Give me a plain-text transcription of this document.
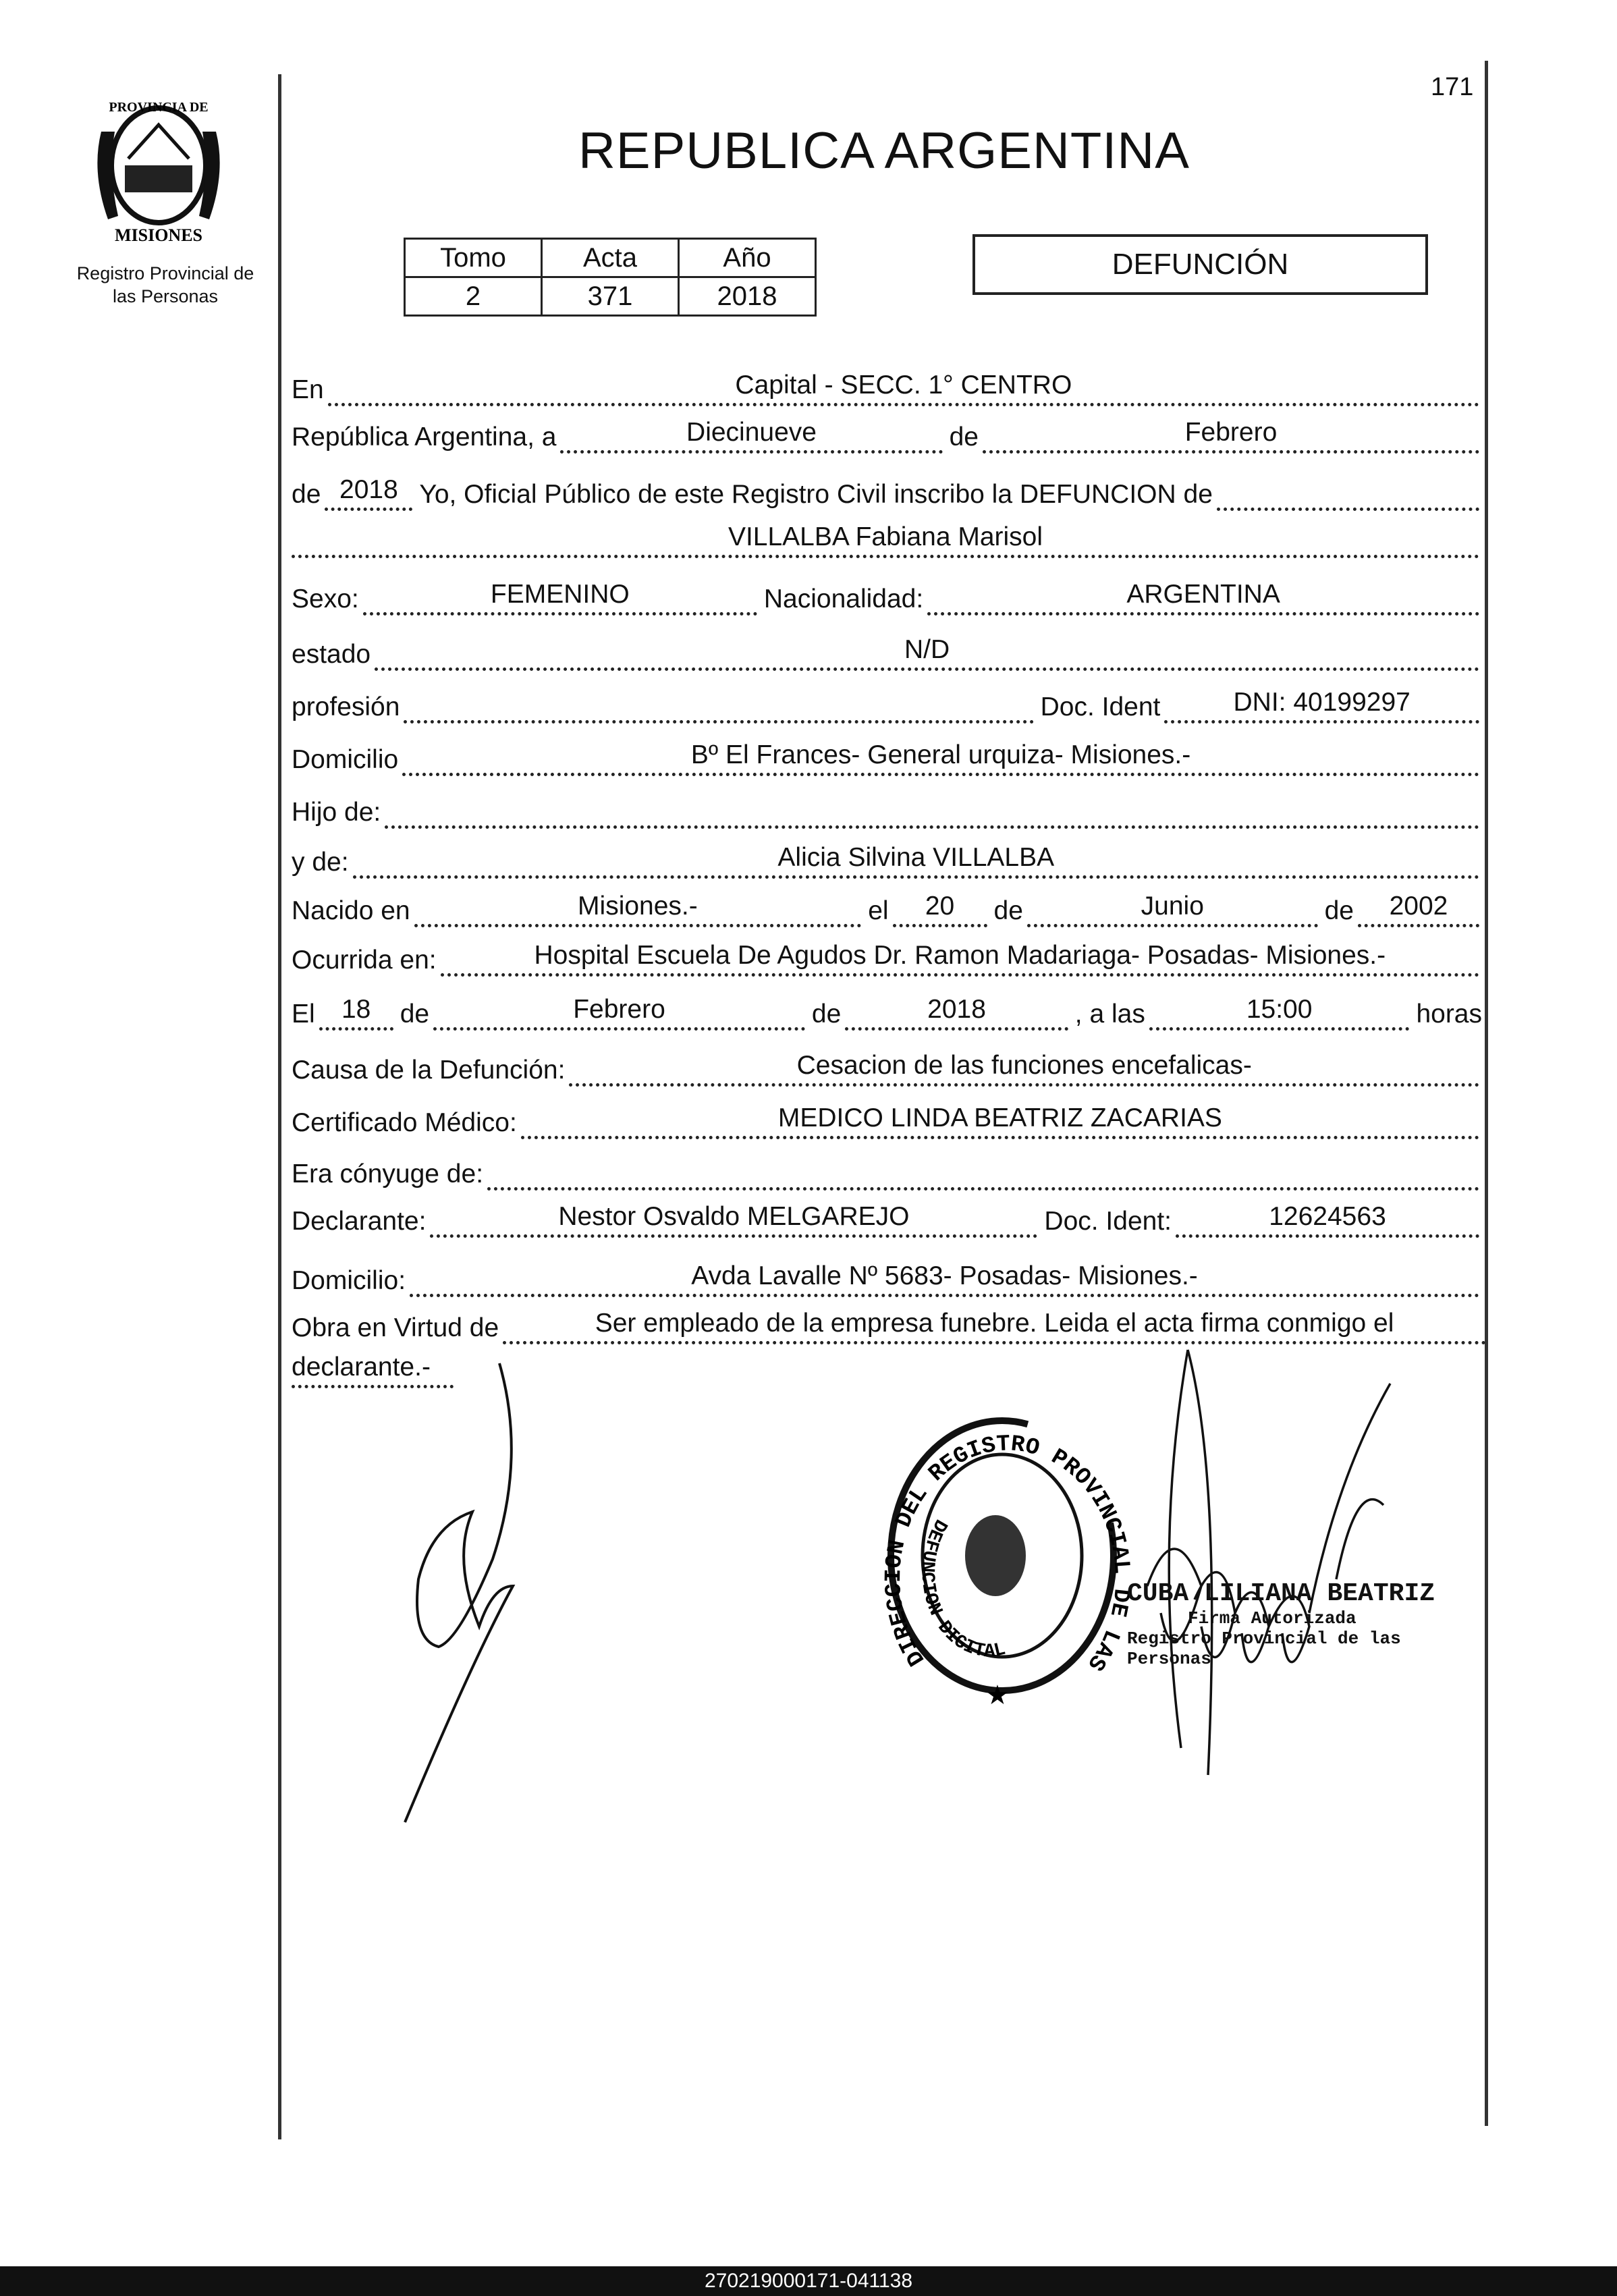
171
PROVINCIA DE
MISIONES
Registro Provincial de
las Personas
REPUBLICA ARGENTINA
Tomo	Acta	Año
2	371	2018
DEFUNCIÓN
En	Capital - SECC. 1° CENTRO
República Argentina, a	Diecinueve	de	Febrero
de 2018 Yo, Oficial Público de este Registro Civil inscribo la DEFUNCION de
VILLALBA Fabiana Marisol
Sexo:	FEMENINO	Nacionalidad:	ARGENTINA
estado	N/D
profesión	Doc. Ident	DNI: 40199297
Domicilio	Bº El Frances- General urquiza- Misiones.-
Hijo de:
y de:	Alicia Silvina VILLALBA
Nacido en	Misiones.-	el	20	de	Junio	de	2002
Ocurrida en:	Hospital Escuela De Agudos Dr. Ramon Madariaga- Posadas- Misiones.-
El	18	de	Febrero	de	2018	, a las	15:00	horas
Causa de la Defunción:	Cesacion de las funciones encefalicas-
Certificado Médico:	MEDICO LINDA BEATRIZ ZACARIAS
Era cónyuge de:
Declarante:	Nestor Osvaldo MELGAREJO	Doc. Ident:	12624563
Domicilio:	Avda Lavalle Nº 5683- Posadas- Misiones.-
Obra en Virtud de	Ser empleado de la empresa funebre. Leida el acta firma conmigo el
declarante.-
DIRECCION DEL REGISTRO PROVINCIAL DE LAS PERSONAS
DEFUNCION DIGITAL
★
CUBA LILIANA BEATRIZ
Firma Autorizada
Registro Provincial de las Personas
270219000171-041138
